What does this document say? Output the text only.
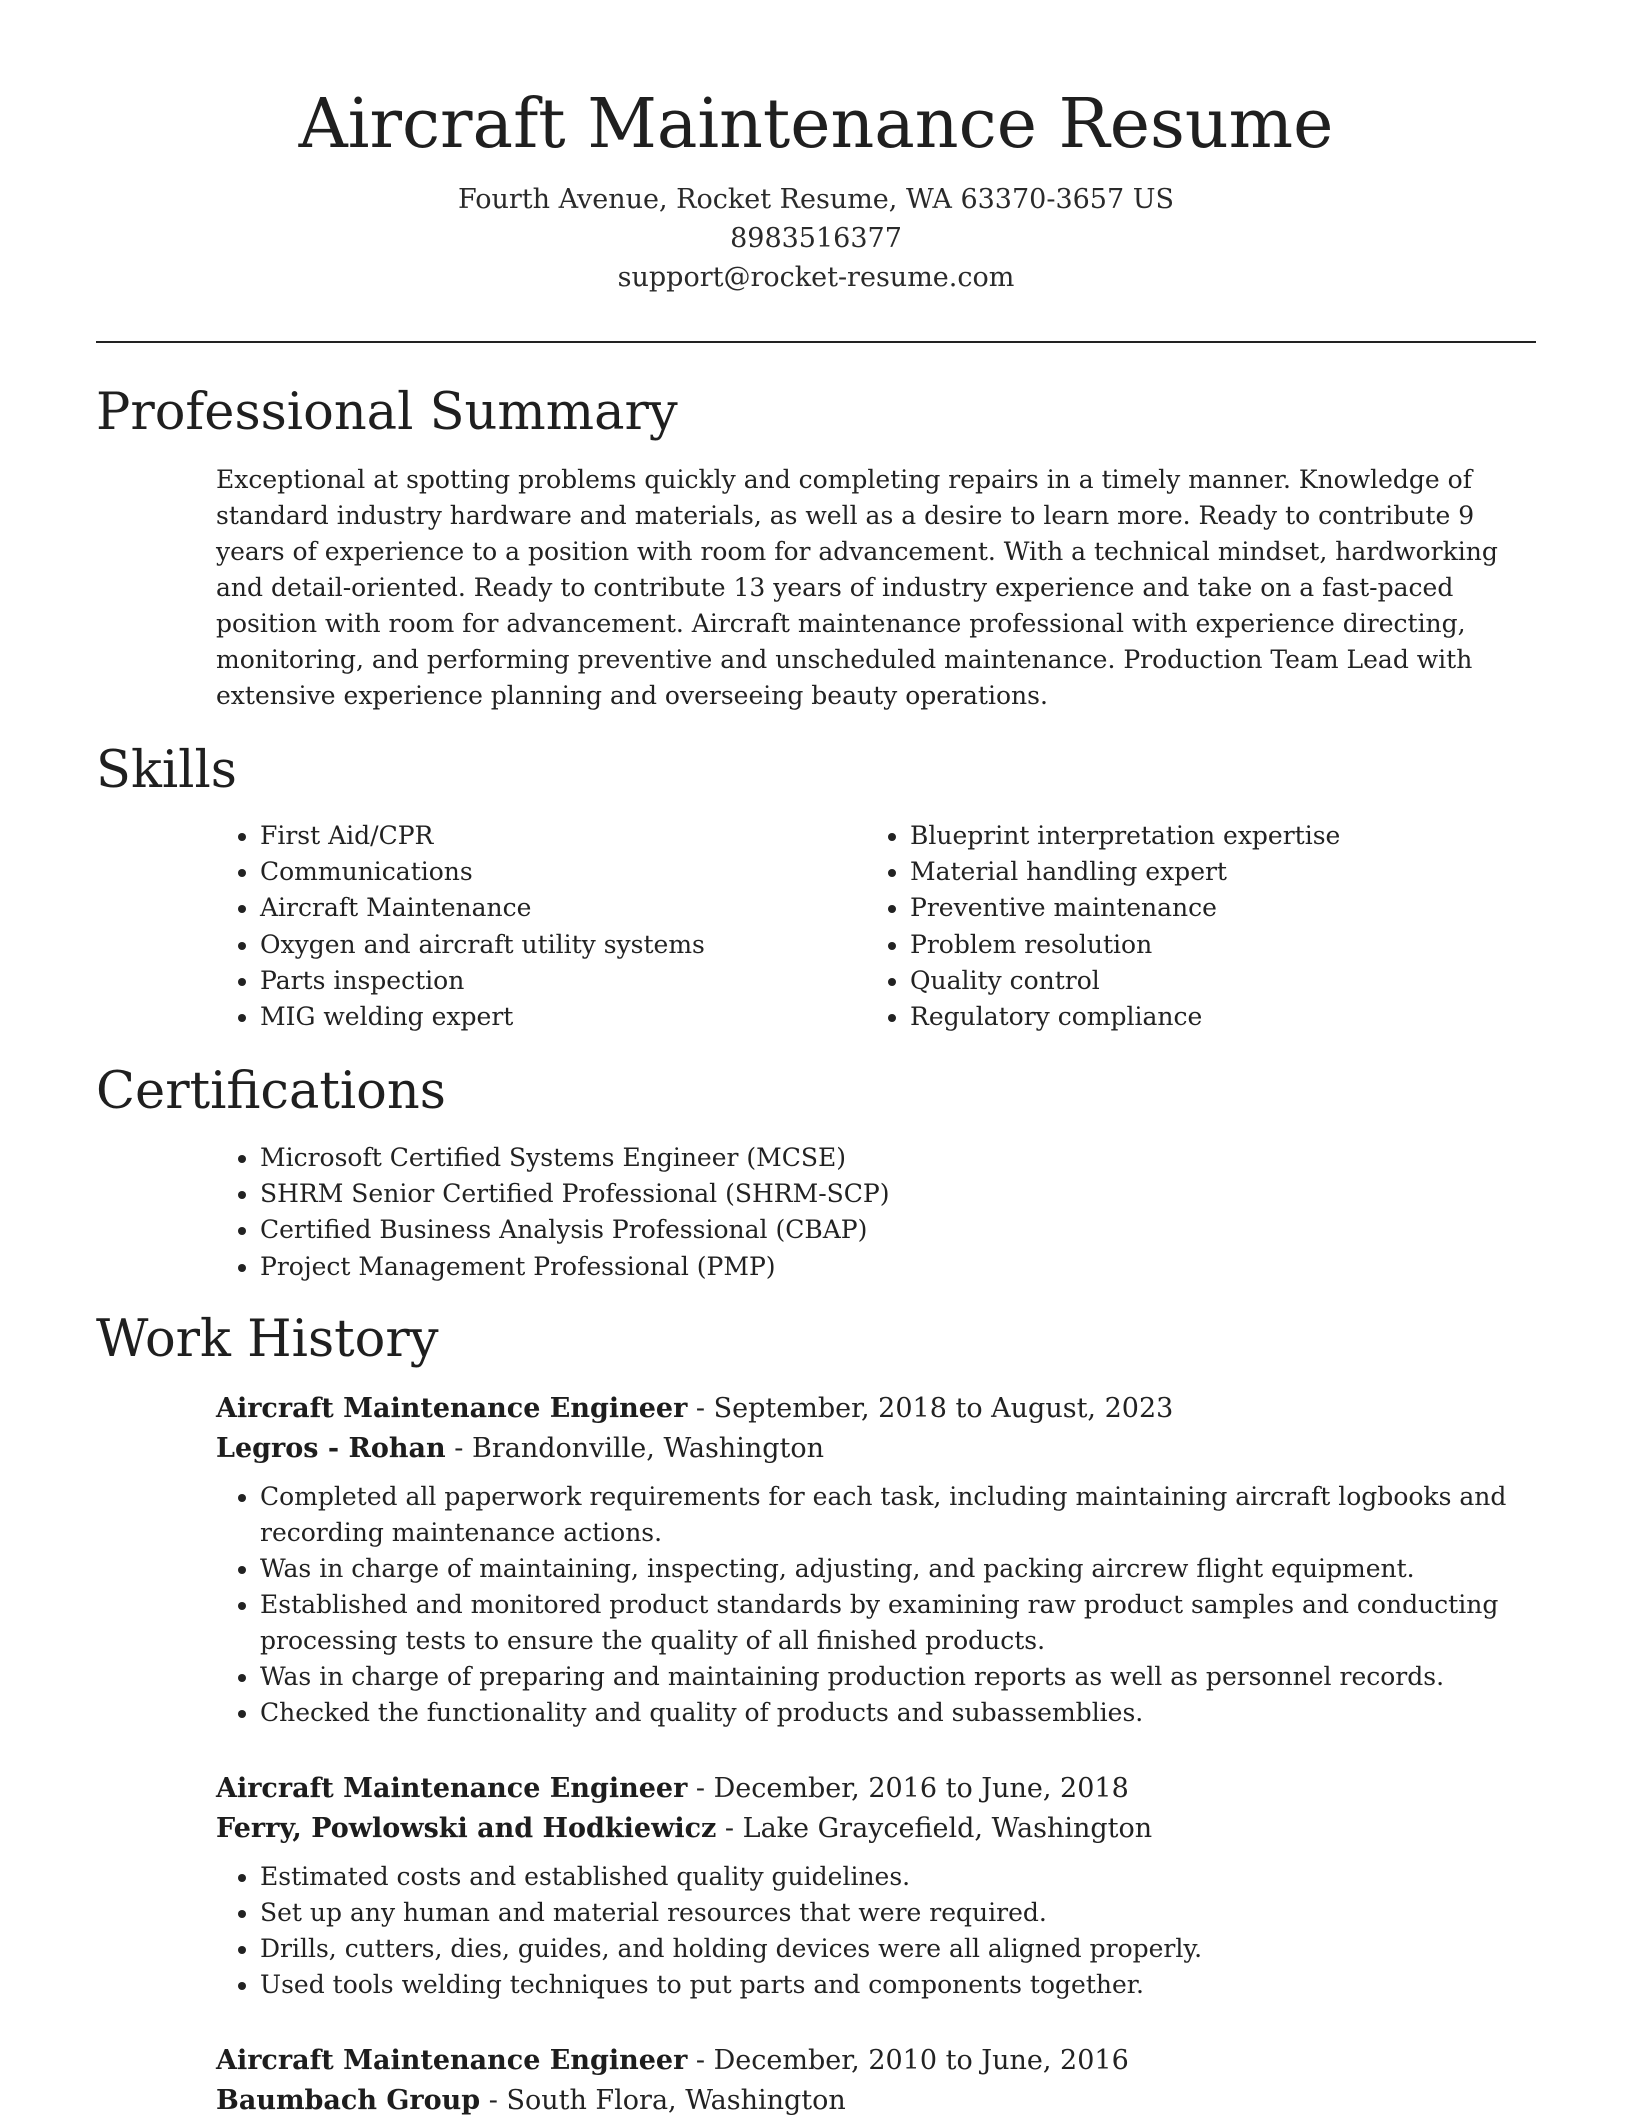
Aircraft Maintenance Resume
Fourth Avenue, Rocket Resume, WA 63370-3657 US
8983516377
support@rocket-resume.com
Professional Summary

Exceptional at spotting problems quickly and completing repairs in a timely manner. Knowledge of standard industry hardware and materials, as well as a desire to learn more. Ready to contribute 9 years of experience to a position with room for advancement. With a technical mindset, hardworking and detail-oriented. Ready to contribute 13 years of industry experience and take on a fast-paced position with room for advancement. Aircraft maintenance professional with experience directing, monitoring, and performing preventive and unscheduled maintenance. Production Team Lead with extensive experience planning and overseeing beauty operations.

Skills
• First Aid/CPR
• Communications
• Aircraft Maintenance
• Oxygen and aircraft utility systems
• Parts inspection
• MIG welding expert
• Blueprint interpretation expertise
• Material handling expert
• Preventive maintenance
• Problem resolution
• Quality control
• Regulatory compliance
Certifications
• Microsoft Certified Systems Engineer (MCSE)
• SHRM Senior Certified Professional (SHRM-SCP)
• Certified Business Analysis Professional (CBAP)
• Project Management Professional (PMP)
Work History
Aircraft Maintenance Engineer - September, 2018 to August, 2023
Legros - Rohan - Brandonville, Washington
• Completed all paperwork requirements for each task, including maintaining aircraft logbooks and recording maintenance actions.
• Was in charge of maintaining, inspecting, adjusting, and packing aircrew flight equipment.
• Established and monitored product standards by examining raw product samples and conducting processing tests to ensure the quality of all finished products.
• Was in charge of preparing and maintaining production reports as well as personnel records.
• Checked the functionality and quality of products and subassemblies.
Aircraft Maintenance Engineer - December, 2016 to June, 2018
Ferry, Powlowski and Hodkiewicz - Lake Graycefield, Washington
• Estimated costs and established quality guidelines.
• Set up any human and material resources that were required.
• Drills, cutters, dies, guides, and holding devices were all aligned properly.
• Used tools welding techniques to put parts and components together.
Aircraft Maintenance Engineer - December, 2010 to June, 2016
Baumbach Group - South Flora, Washington
